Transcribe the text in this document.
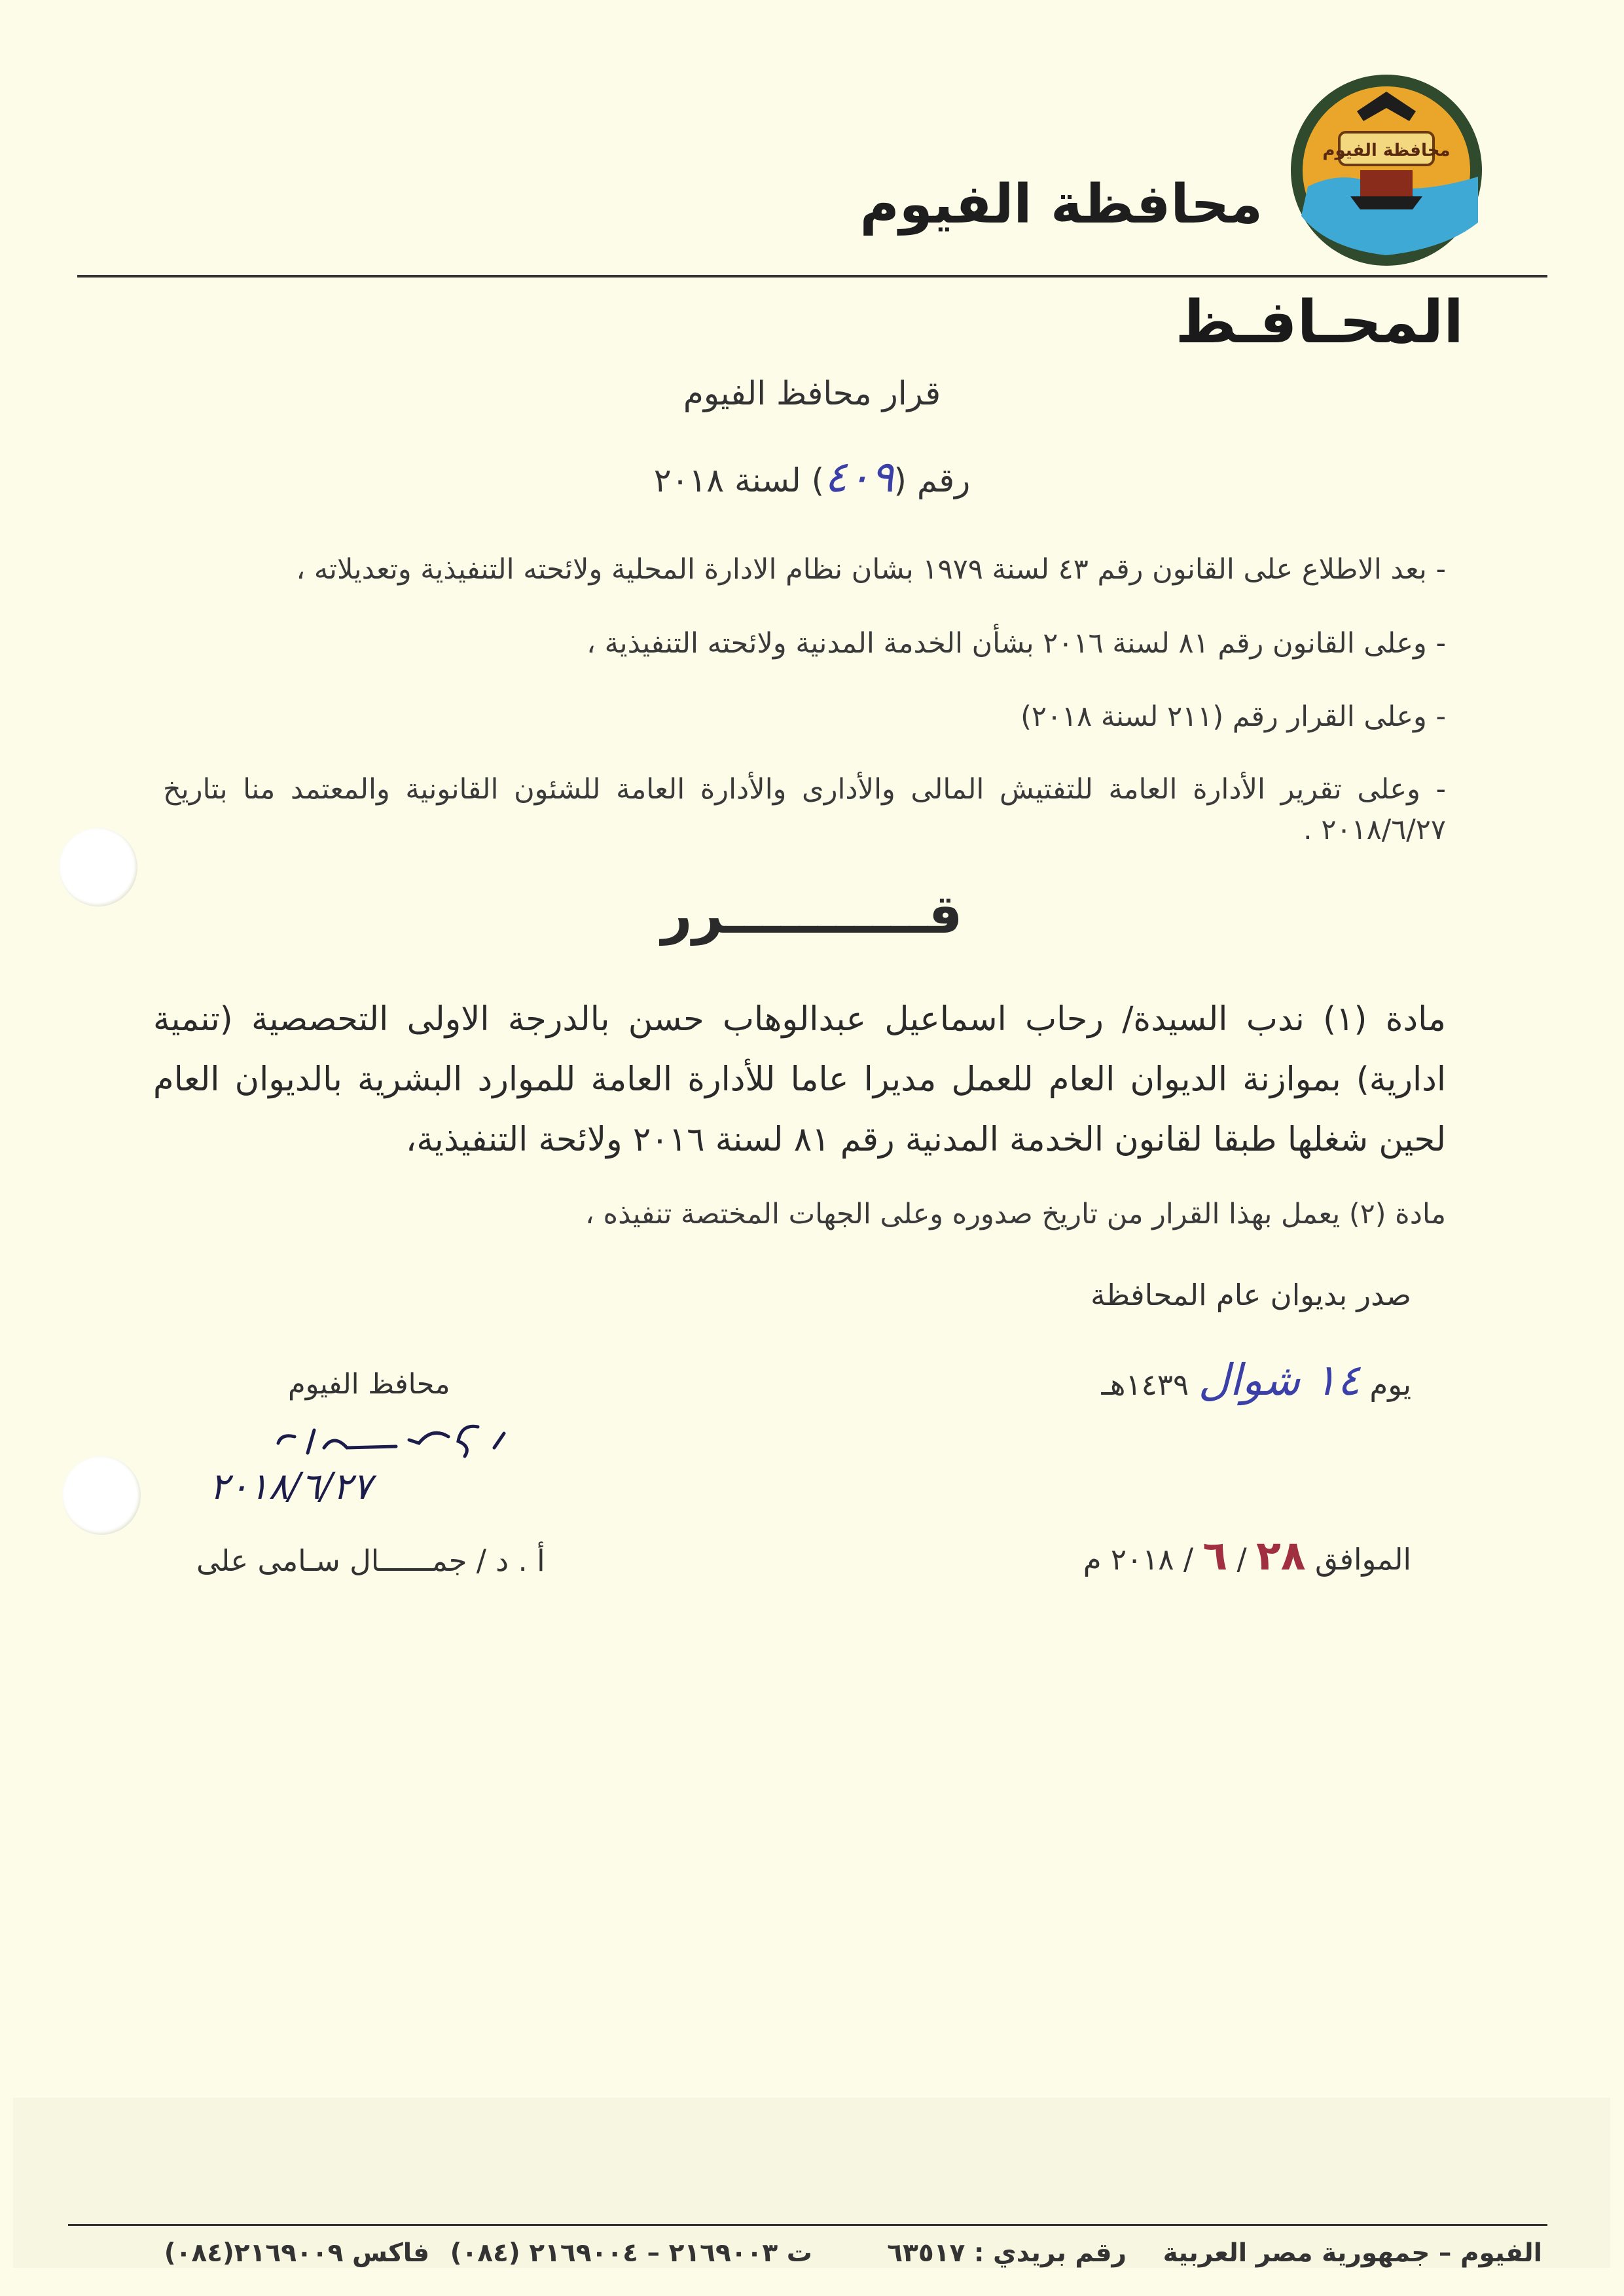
محافظة الفيوم
محافظة الفيوم
المحـافـظ
قرار محافظ الفيوم
رقم (٤٠٩) لسنة ٢٠١٨
- بعد الاطلاع على القانون رقم ٤٣ لسنة ١٩٧٩ بشان نظام الادارة المحلية ولائحته التنفيذية وتعديلاته ،
- وعلى القانون رقم ٨١ لسنة ٢٠١٦ بشأن الخدمة المدنية ولائحته التنفيذية ،
- وعلى القرار رقم (٢١١ لسنة ٢٠١٨)
- وعلى تقرير الأدارة العامة للتفتيش المالى والأدارى والأدارة العامة للشئون القانونية والمعتمد منا بتاريخ ٢٠١٨/٦/٢٧ .
قـــــــــــرر
مادة (١) ندب السيدة/ رحاب اسماعيل عبدالوهاب حسن بالدرجة الاولى التحصصية (تنمية ادارية) بموازنة الديوان العام للعمل مديرا عاما للأدارة العامة للموارد البشرية بالديوان العام لحين شغلها طبقا لقانون الخدمة المدنية رقم ٨١ لسنة ٢٠١٦ ولائحة التنفيذية،
مادة (٢) يعمل بهذا القرار من تاريخ صدوره وعلى الجهات المختصة تنفيذه ،
صدر بديوان عام المحافظة
يوم ١٤ شوال ١٤٣٩هـ
الموافق ٢٨ / ٦ / ٢٠١٨ م
محافظ الفيوم
٢٠١٨/٦/٢٧
أ . د / جمــــــال سـامى على
الفيوم – جمهورية مصر العربية
رقم بريدي : ٦٣٥١٧
ت ٢١٦٩٠٠٣ – ٢١٦٩٠٠٤ (٠٨٤)
فاكس ٢١٦٩٠٠٩(٠٨٤)
